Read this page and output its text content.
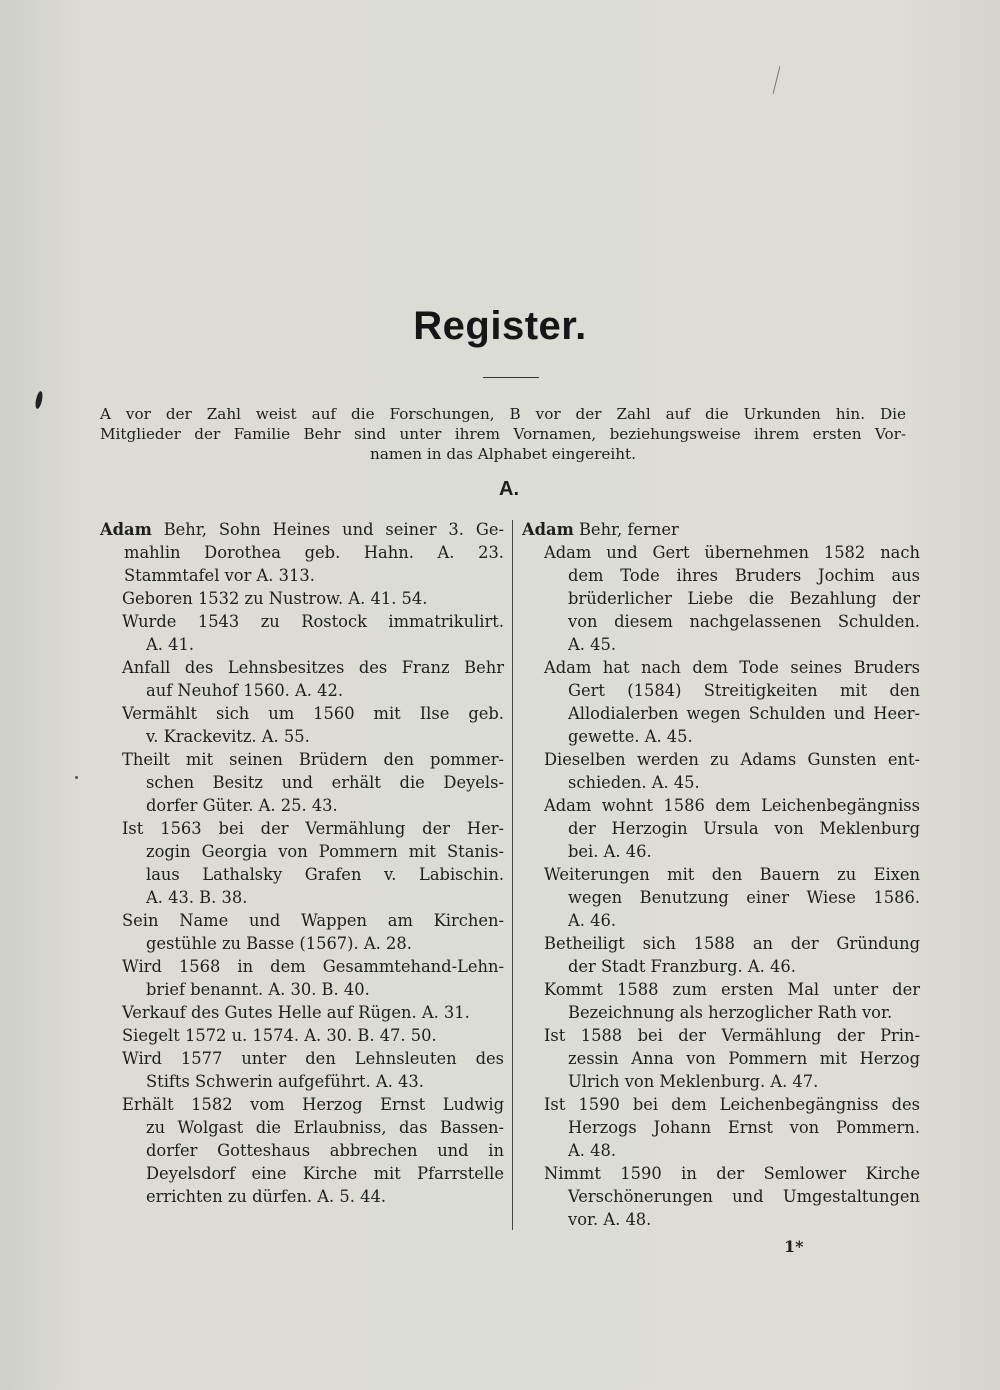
Register.
A vor der Zahl weist auf die Forschungen, B vor der Zahl auf die Urkunden hin. Die
Mitglieder der Familie Behr sind unter ihrem Vornamen, beziehungsweise ihrem ersten Vor-
namen in das Alphabet eingereiht.
A.
Adam Behr, Sohn Heines und seiner 3. Ge-
mahlin Dorothea geb. Hahn. A. 23.
Stammtafel vor A. 313.
Geboren 1532 zu Nustrow. A. 41. 54.
Wurde 1543 zu Rostock immatrikulirt.
A. 41.
Anfall des Lehnsbesitzes des Franz Behr
auf Neuhof 1560. A. 42.
Vermählt sich um 1560 mit Ilse geb.
v. Krackevitz. A. 55.
Theilt mit seinen Brüdern den pommer-
schen Besitz und erhält die Deyels-
dorfer Güter. A. 25. 43.
Ist 1563 bei der Vermählung der Her-
zogin Georgia von Pommern mit Stanis-
laus Lathalsky Grafen v. Labischin.
A. 43. B. 38.
Sein Name und Wappen am Kirchen-
gestühle zu Basse (1567). A. 28.
Wird 1568 in dem Gesammtehand-Lehn-
brief benannt. A. 30. B. 40.
Verkauf des Gutes Helle auf Rügen. A. 31.
Siegelt 1572 u. 1574. A. 30. B. 47. 50.
Wird 1577 unter den Lehnsleuten des
Stifts Schwerin aufgeführt. A. 43.
Erhält 1582 vom Herzog Ernst Ludwig
zu Wolgast die Erlaubniss, das Bassen-
dorfer Gotteshaus abbrechen und in
Deyelsdorf eine Kirche mit Pfarrstelle
errichten zu dürfen. A. 5. 44.
Adam Behr, ferner
Adam und Gert übernehmen 1582 nach
dem Tode ihres Bruders Jochim aus
brüderlicher Liebe die Bezahlung der
von diesem nachgelassenen Schulden.
A. 45.
Adam hat nach dem Tode seines Bruders
Gert (1584) Streitigkeiten mit den
Allodialerben wegen Schulden und Heer-
gewette. A. 45.
Dieselben werden zu Adams Gunsten ent-
schieden. A. 45.
Adam wohnt 1586 dem Leichenbegängniss
der Herzogin Ursula von Meklenburg
bei. A. 46.
Weiterungen mit den Bauern zu Eixen
wegen Benutzung einer Wiese 1586.
A. 46.
Betheiligt sich 1588 an der Gründung
der Stadt Franzburg. A. 46.
Kommt 1588 zum ersten Mal unter der
Bezeichnung als herzoglicher Rath vor.
Ist 1588 bei der Vermählung der Prin-
zessin Anna von Pommern mit Herzog
Ulrich von Meklenburg. A. 47.
Ist 1590 bei dem Leichenbegängniss des
Herzogs Johann Ernst von Pommern.
A. 48.
Nimmt 1590 in der Semlower Kirche
Verschönerungen und Umgestaltungen
vor. A. 48.
1*
